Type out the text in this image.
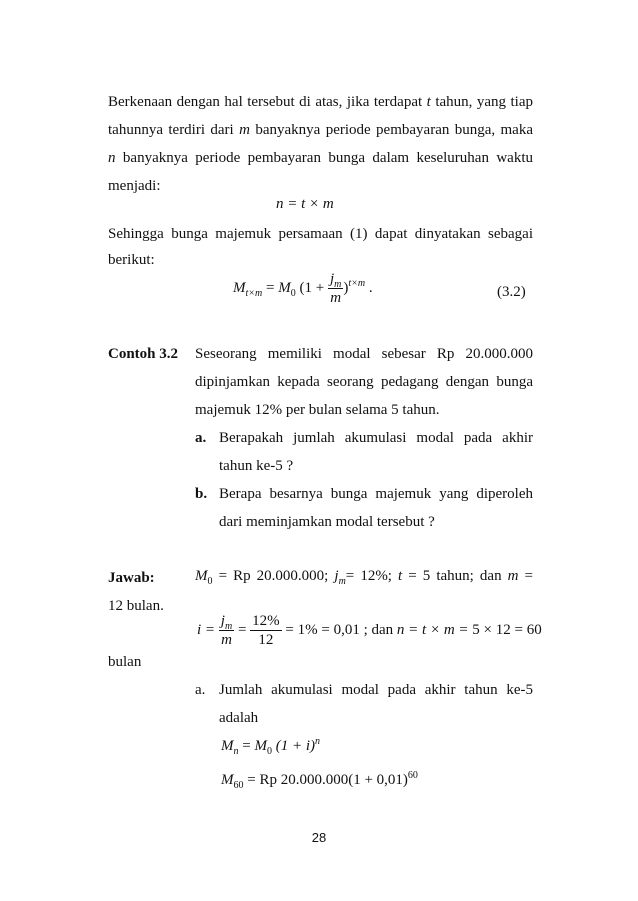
Berkenaan dengan hal tersebut di atas, jika terdapat t tahun, yang tiap
tahunnya terdiri dari m banyaknya periode pembayaran bunga, maka
n banyaknya periode pembayaran bunga dalam keseluruhan waktu
menjadi:
n = t × m
Sehingga bunga majemuk persamaan (1) dapat dinyatakan sebagai
berikut:
$M_{t\times m} = M_0$ $(1 + \frac{j_m}{m} )^{t\times m}$ .	(3.2)
Contoh 3.2 Seseorang memiliki modal sebesar Rp 20.000.000
dipinjamkan kepada seorang pedagang dengan bunga
majemuk 12% per bulan selama 5 tahun.
a. Berapakah jumlah akumulasi modal pada akhir
tahun ke-5 ?
b. Berapa besarnya bunga majemuk yang diperoleh
dari meminjamkan modal tersebut ?
Jawab:	$M_0 = Rp$ 20.000.000; $j_m= 12\%$; t = 5 tahun; dan m =
12 bulan.
$i = \frac{j_m}{m} = \frac{12\%}{12} = 1\% = 0,01$ ; dan n = t × m = 5 × 12 = 60
bulan
a. Jumlah akumulasi modal pada akhir tahun ke-5
adalah
$M_n = M_0$ $(1 + i)^n$
$M_{60} = Rp$ $20.000.000(1 + 0,01)^{60}$
28
